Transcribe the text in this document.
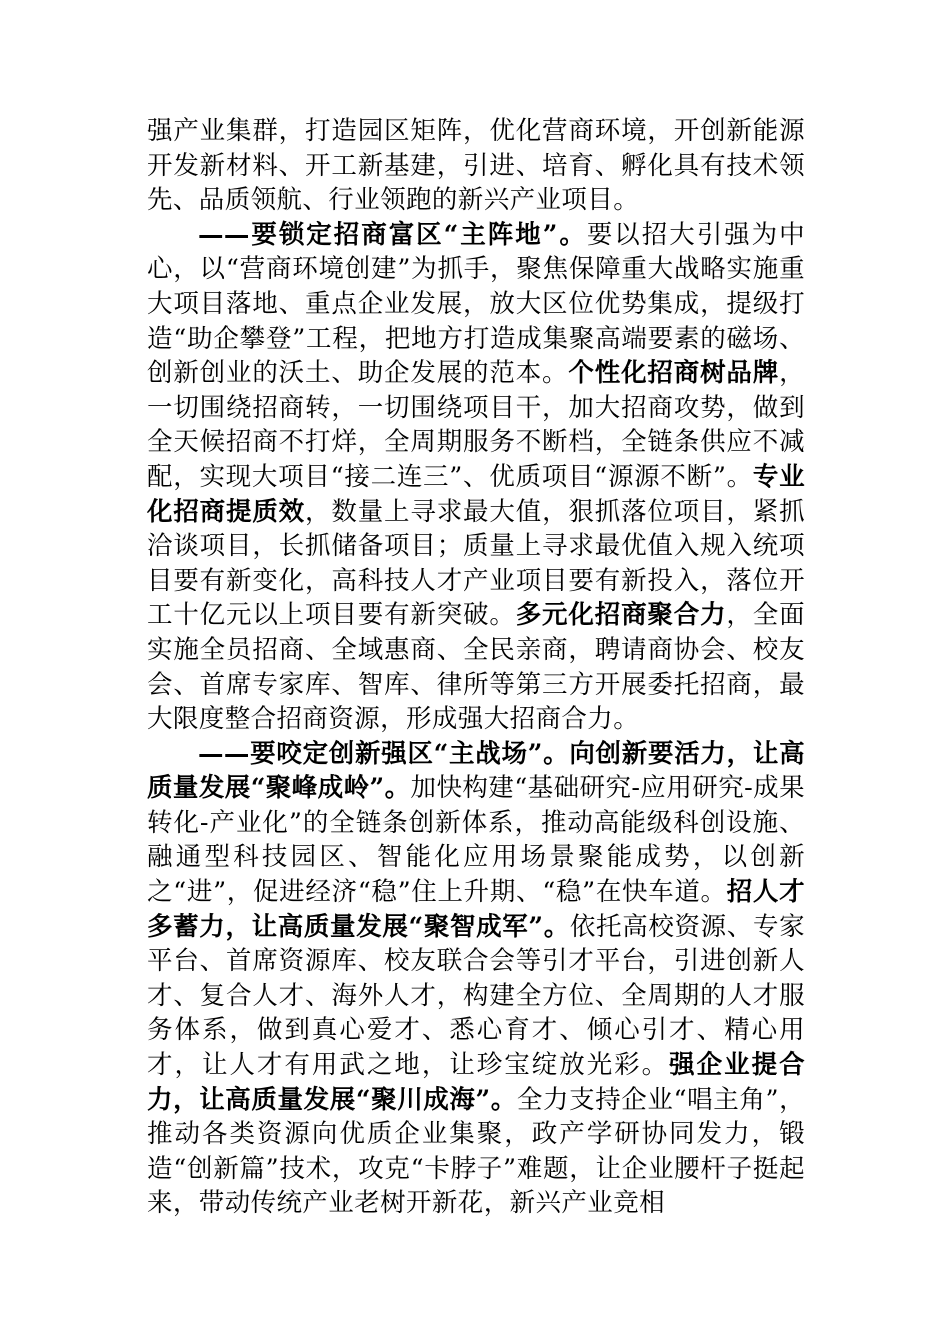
强产业集群，打造园区矩阵，优化营商环境，开创新能源开发新材料、开工新基建，引进、培育、孵化具有技术领先、品质领航、行业领跑的新兴产业项目。

——要锁定招商富区“主阵地”。要以招大引强为中心，以“营商环境创建”为抓手，聚焦保障重大战略实施重大项目落地、重点企业发展，放大区位优势集成，提级打造“助企攀登”工程，把地方打造成集聚高端要素的磁场、创新创业的沃土、助企发展的范本。个性化招商树品牌，一切围绕招商转，一切围绕项目干，加大招商攻势，做到全天候招商不打烊，全周期服务不断档，全链条供应不减配，实现大项目“接二连三”、优质项目“源源不断”。专业化招商提质效，数量上寻求最大值，狠抓落位项目，紧抓洽谈项目，长抓储备项目；质量上寻求最优值入规入统项目要有新变化，高科技人才产业项目要有新投入，落位开工十亿元以上项目要有新突破。多元化招商聚合力，全面实施全员招商、全域惠商、全民亲商，聘请商协会、校友会、首席专家库、智库、律所等第三方开展委托招商，最大限度整合招商资源，形成强大招商合力。

——要咬定创新强区“主战场”。向创新要活力，让高质量发展“聚峰成岭”。加快构建“基础研究-应用研究-成果转化-产业化”的全链条创新体系，推动高能级科创设施、融通型科技园区、智能化应用场景聚能成势，以创新之“进”，促进经济“稳”住上升期、“稳”在快车道。招人才多蓄力，让高质量发展“聚智成军”。依托高校资源、专家平台、首席资源库、校友联合会等引才平台，引进创新人才、复合人才、海外人才，构建全方位、全周期的人才服务体系，做到真心爱才、悉心育才、倾心引才、精心用才，让人才有用武之地，让珍宝绽放光彩。强企业提合力，让高质量发展“聚川成海”。全力支持企业“唱主角”，推动各类资源向优质企业集聚，政产学研协同发力，锻造“创新篇”技术，攻克“卡脖子”难题，让企业腰杆子挺起来，带动传统产业老树开新花，新兴产业竞相
